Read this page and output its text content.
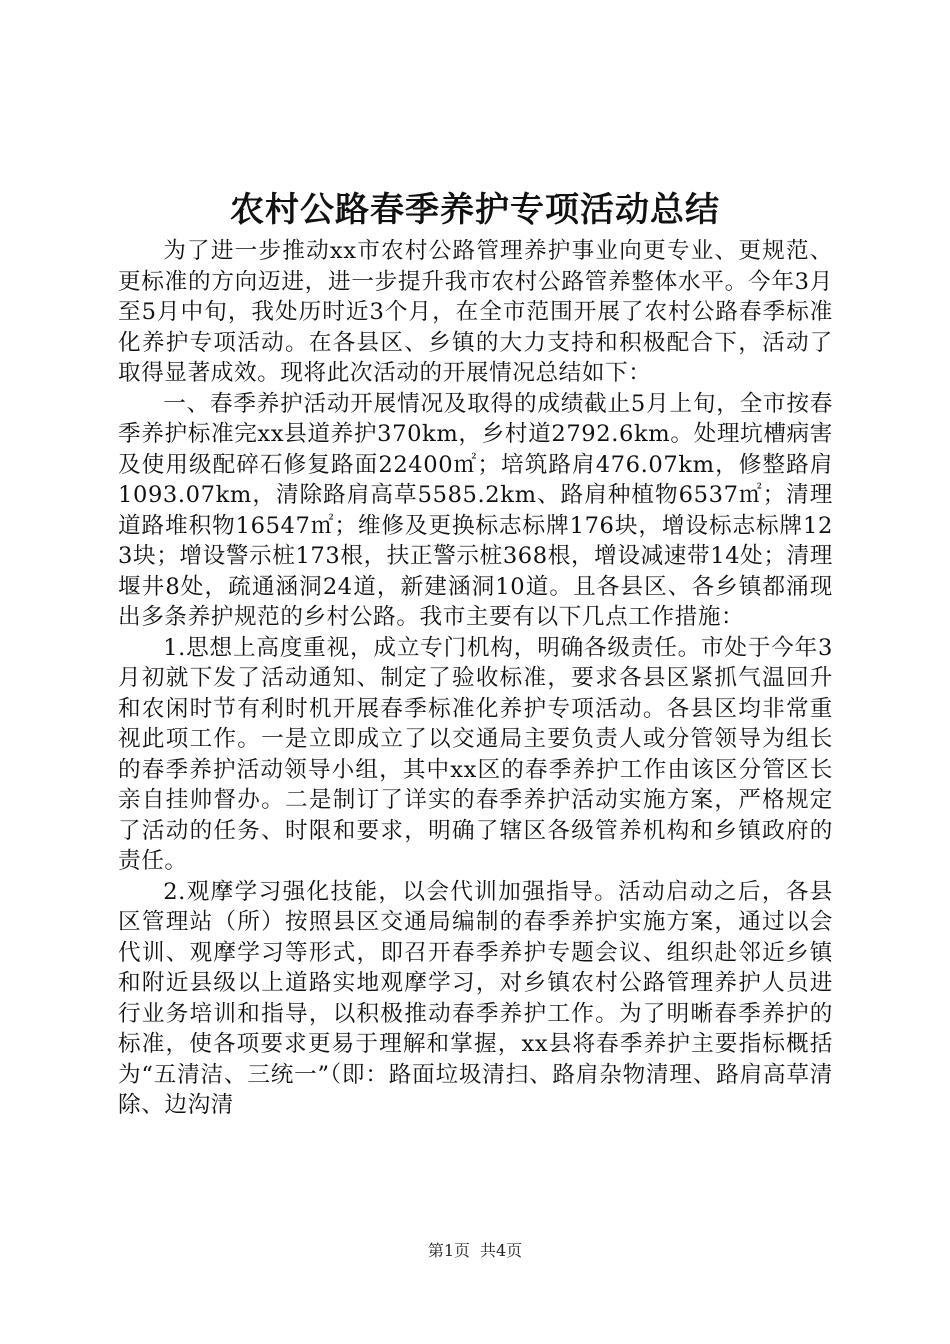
农村公路春季养护专项活动总结

为了进一步推动xx市农村公路管理养护事业向更专业、更规范、更标准的方向迈进，进一步提升我市农村公路管养整体水平。今年3月至5月中旬，我处历时近3个月，在全市范围开展了农村公路春季标准化养护专项活动。在各县区、乡镇的大力支持和积极配合下，活动了取得显著成效。现将此次活动的开展情况总结如下：

一、春季养护活动开展情况及取得的成绩截止5月上旬，全市按春季养护标准完xx县道养护370km，乡村道2792.6km。处理坑槽病害及使用级配碎石修复路面22400㎡；培筑路肩476.07km，修整路肩1093.07km，清除路肩高草5585.2km、路肩种植物6537㎡；清理道路堆积物16547㎡；维修及更换标志标牌176块，增设标志标牌123块；增设警示桩173根，扶正警示桩368根，增设减速带14处；清理堰井8处，疏通涵洞24道，新建涵洞10道。且各县区、各乡镇都涌现出多条养护规范的乡村公路。我市主要有以下几点工作措施：

1.思想上高度重视，成立专门机构，明确各级责任。市处于今年3月初就下发了活动通知、制定了验收标准，要求各县区紧抓气温回升和农闲时节有利时机开展春季标准化养护专项活动。各县区均非常重视此项工作。一是立即成立了以交通局主要负责人或分管领导为组长的春季养护活动领导小组，其中xx区的春季养护工作由该区分管区长亲自挂帅督办。二是制订了详实的春季养护活动实施方案，严格规定了活动的任务、时限和要求，明确了辖区各级管养机构和乡镇政府的责任。

2.观摩学习强化技能，以会代训加强指导。活动启动之后，各县区管理站（所）按照县区交通局编制的春季养护实施方案，通过以会代训、观摩学习等形式，即召开春季养护专题会议、组织赴邻近乡镇和附近县级以上道路实地观摩学习，对乡镇农村公路管理养护人员进行业务培训和指导，以积极推动春季养护工作。为了明晰春季养护的标准，使各项要求更易于理解和掌握，xx县将春季养护主要指标概括为“五清洁、三统一”（即：路面垃圾清扫、路肩杂物清理、路肩高草清除、边沟清

第1页 共4页
